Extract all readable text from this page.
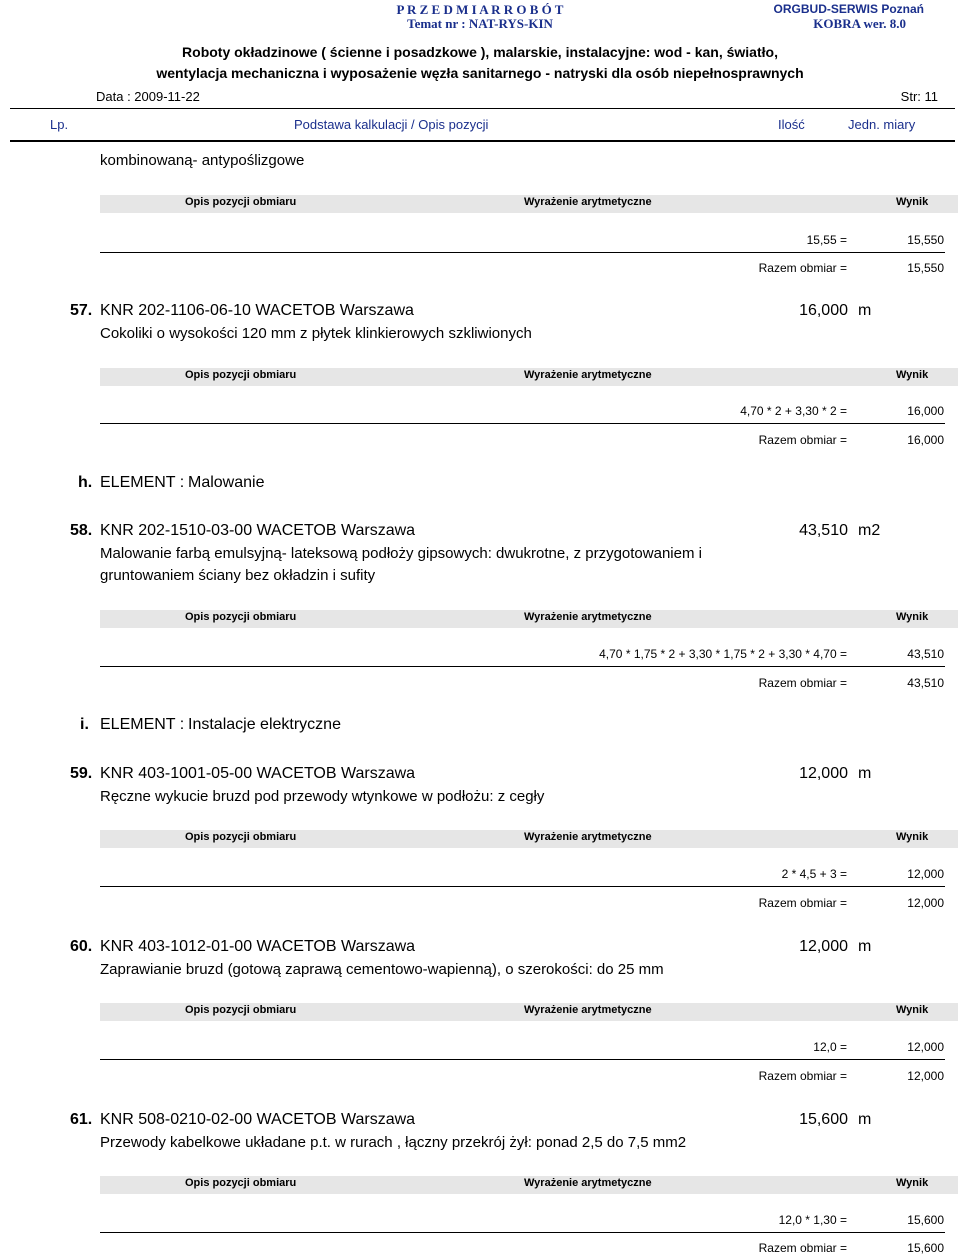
P R Z E D M I A R R O B Ó T
Temat nr : NAT-RYS-KIN
ORGBUD-SERWIS Poznań
KOBRA wer. 8.0
Roboty okładzinowe ( ścienne i posadzkowe ), malarskie, instalacyjne: wod - kan, światło,
wentylacja mechaniczna i wyposażenie węzła sanitarnego - natryski dla osób niepełnosprawnych
Data : 2009-11-22	Str: 11
Lp.	Podstawa kalkulacji / Opis pozycji	Ilość	Jedn. miary
kombinowaną- antypoślizgowe
Opis pozycji obmiaru	Wyrażenie arytmetyczne	Wynik
15,55 =	15,550
Razem obmiar =	15,550
57. KNR 202-1106-06-10 WACETOB Warszawa	16,000 m
Cokoliki o wysokości 120 mm z płytek klinkierowych szkliwionych
Opis pozycji obmiaru	Wyrażenie arytmetyczne	Wynik
4,70 * 2 + 3,30 * 2 =	16,000
Razem obmiar =	16,000
h. ELEMENT : Malowanie
58. KNR 202-1510-03-00 WACETOB Warszawa	43,510 m2
Malowanie farbą emulsyjną- lateksową podłoży gipsowych: dwukrotne, z przygotowaniem i
gruntowaniem ściany bez okładzin i sufity
Opis pozycji obmiaru	Wyrażenie arytmetyczne	Wynik
4,70 * 1,75 * 2 + 3,30 * 1,75 * 2 + 3,30 * 4,70 =	43,510
Razem obmiar =	43,510
i. ELEMENT : Instalacje elektryczne
59. KNR 403-1001-05-00 WACETOB Warszawa	12,000 m
Ręczne wykucie bruzd pod przewody wtynkowe w podłożu: z cegły
Opis pozycji obmiaru	Wyrażenie arytmetyczne	Wynik
2 * 4,5 + 3 =	12,000
Razem obmiar =	12,000
60. KNR 403-1012-01-00 WACETOB Warszawa	12,000 m
Zaprawianie bruzd (gotową zaprawą cementowo-wapienną), o szerokości: do 25 mm
Opis pozycji obmiaru	Wyrażenie arytmetyczne	Wynik
12,0 =	12,000
Razem obmiar =	12,000
61. KNR 508-0210-02-00 WACETOB Warszawa	15,600 m
Przewody kabelkowe układane p.t. w rurach , łączny przekrój żył: ponad 2,5 do 7,5 mm2
Opis pozycji obmiaru	Wyrażenie arytmetyczne	Wynik
12,0 * 1,30 =	15,600
Razem obmiar =	15,600
